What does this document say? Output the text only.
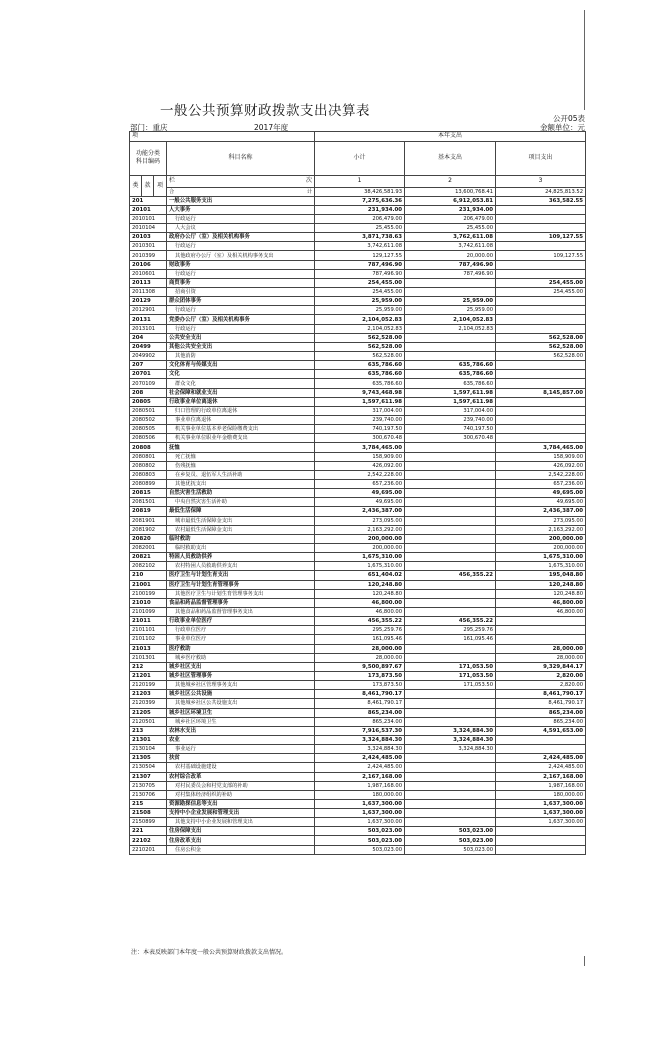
一般公共预算财政拨款支出决算表	公开05表
部门：重庆	2017年度	金额单位：元
项				本年支出		
功能分类
科目编码			科目名称	小计	基本支出	项目支出
类	款	项	栏 次	1	2	3
			合 计	38,426,581.93	13,600,768.41	24,825,813.52
201			一般公共服务支出	7,275,636.36	6,912,053.81	363,582.55
20101			人大事务	231,934.00	231,934.00	
2010101			行政运行	206,479.00	206,479.00	
2010104			人大会议	25,455.00	25,455.00	
20103			政府办公厅（室）及相关机构事务	3,871,738.63	3,762,611.08	109,127.55
2010301			行政运行	3,742,611.08	3,742,611.08	
2010399			其他政府办公厅（室）及相关机构事务支出	129,127.55	20,000.00	109,127.55
20106			财政事务	787,496.90	787,496.90	
2010601			行政运行	787,496.90	787,496.90	
20113			商贸事务	254,455.00		254,455.00
2011308			招商引资	254,455.00		254,455.00
20129			群众团体事务	25,959.00	25,959.00	
2012901			行政运行	25,959.00	25,959.00	
20131			党委办公厅（室）及相关机构事务	2,104,052.83	2,104,052.83	
2013101			行政运行	2,104,052.83	2,104,052.83	
204			公共安全支出	562,528.00		562,528.00
20499			其他公共安全支出	562,528.00		562,528.00
2049902			其他消防	562,528.00		562,528.00
207			文化体育与传媒支出	635,786.60	635,786.60	
20701			文化	635,786.60	635,786.60	
2070109			群众文化	635,786.60	635,786.60	
208			社会保障和就业支出	9,743,468.98	1,597,611.98	8,145,857.00
20805			行政事业单位离退休	1,597,611.98	1,597,611.98	
2080501			归口管理的行政单位离退休	317,004.00	317,004.00	
2080502			事业单位离退休	239,740.00	239,740.00	
2080505			机关事业单位基本养老保险缴费支出	740,197.50	740,197.50	
2080506			机关事业单位职业年金缴费支出	300,670.48	300,670.48	
20808			抚恤	3,784,465.00		3,784,465.00
2080801			死亡抚恤	158,909.00		158,909.00
2080802			伤残抚恤	426,092.00		426,092.00
2080803			在乡复员、退伍军人生活补助	2,542,228.00		2,542,228.00
2080899			其他优抚支出	657,236.00		657,236.00
20815			自然灾害生活救助	49,695.00		49,695.00
2081501			中央自然灾害生活补助	49,695.00		49,695.00
20819			最低生活保障	2,436,387.00		2,436,387.00
2081901			城市最低生活保障金支出	273,095.00		273,095.00
2081902			农村最低生活保障金支出	2,163,292.00		2,163,292.00
20820			临时救助	200,000.00		200,000.00
2082001			临时救助支出	200,000.00		200,000.00
20821			特困人员救助供养	1,675,310.00		1,675,310.00
2082102			农村特困人员救助供养支出	1,675,310.00		1,675,310.00
210			医疗卫生与计划生育支出	651,404.02	456,355.22	195,048.80
21001			医疗卫生与计划生育管理事务	120,248.80		120,248.80
2100199			其他医疗卫生与计划生育管理事务支出	120,248.80		120,248.80
21010			食品和药品监督管理事务	46,800.00		46,800.00
2101099			其他食品和药品监督管理事务支出	46,800.00		46,800.00
21011			行政事业单位医疗	456,355.22	456,355.22	
2101101			行政单位医疗	295,259.76	295,259.76	
2101102			事业单位医疗	161,095.46	161,095.46	
21013			医疗救助	28,000.00		28,000.00
2101301			城乡医疗救助	28,000.00		28,000.00
212			城乡社区支出	9,500,897.67	171,053.50	9,329,844.17
21201			城乡社区管理事务	173,873.50	171,053.50	2,820.00
2120199			其他城乡社区管理事务支出	173,873.50	171,053.50	2,820.00
21203			城乡社区公共设施	8,461,790.17		8,461,790.17
2120399			其他城乡社区公共设施支出	8,461,790.17		8,461,790.17
21205			城乡社区环境卫生	865,234.00		865,234.00
2120501			城乡社区环境卫生	865,234.00		865,234.00
213			农林水支出	7,916,537.30	3,324,884.30	4,591,653.00
21301			农业	3,324,884.30	3,324,884.30	
2130104			事业运行	3,324,884.30	3,324,884.30	
21305			扶贫	2,424,485.00		2,424,485.00
2130504			农村基础设施建设	2,424,485.00		2,424,485.00
21307			农村综合改革	2,167,168.00		2,167,168.00
2130705			对村民委员会和村党支部的补助	1,987,168.00		1,987,168.00
2130706			对村集体经济组织的补助	180,000.00		180,000.00
215			资源勘探信息等支出	1,637,300.00		1,637,300.00
21508			支持中小企业发展和管理支出	1,637,300.00		1,637,300.00
2150899			其他支持中小企业发展和管理支出	1,637,300.00		1,637,300.00
221			住房保障支出	503,023.00	503,023.00	
22102			住房改革支出	503,023.00	503,023.00	
2210201			住房公积金	503,023.00	503,023.00	
注：本表反映部门本年度一般公共预算财政拨款支出情况。
